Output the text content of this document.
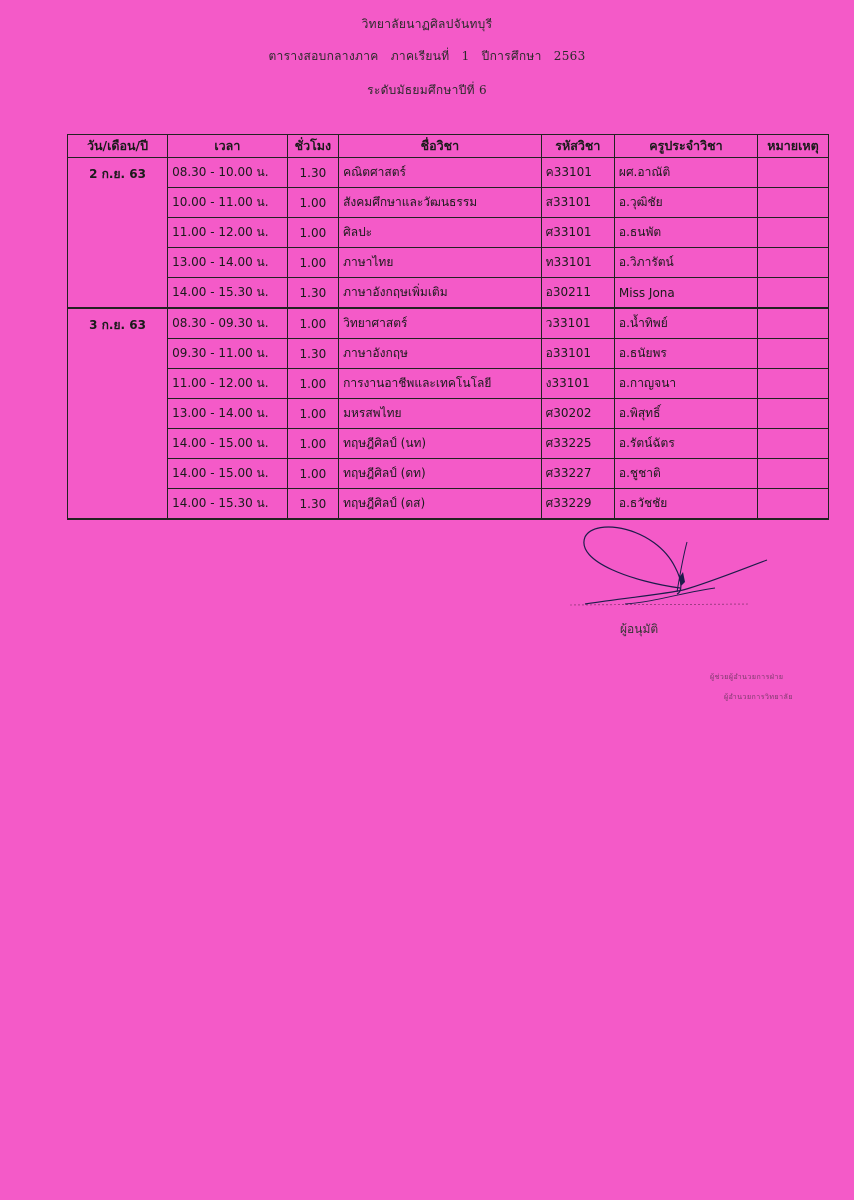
วิทยาลัยนาฏศิลปจันทบุรี
ตารางสอบกลางภาค ภาคเรียนที่ 1 ปีการศึกษา 2563
ระดับมัธยมศึกษาปีที่ 6
วัน/เดือน/ปี	เวลา	ชั่วโมง	ชื่อวิชา	รหัสวิชา	ครูประจำวิชา	หมายเหตุ
2 ก.ย. 63	08.30 - 10.00 น.	1.30	คณิตศาสตร์	ค33101	ผศ.อาณัติ	
	10.00 - 11.00 น.	1.00	สังคมศึกษาและวัฒนธรรม	ส33101	อ.วุฒิชัย	
	11.00 - 12.00 น.	1.00	ศิลปะ	ศ33101	อ.ธนพัต	
	13.00 - 14.00 น.	1.00	ภาษาไทย	ท33101	อ.วิภารัตน์	
	14.00 - 15.30 น.	1.30	ภาษาอังกฤษเพิ่มเติม	อ30211	Miss Jona	
3 ก.ย. 63	08.30 - 09.30 น.	1.00	วิทยาศาสตร์	ว33101	อ.น้ำทิพย์	
	09.30 - 11.00 น.	1.30	ภาษาอังกฤษ	อ33101	อ.ธนัยพร	
	11.00 - 12.00 น.	1.00	การงานอาชีพและเทคโนโลยี	ง33101	อ.กาญจนา	
	13.00 - 14.00 น.	1.00	มหรสพไทย	ศ30202	อ.พิสุทธิ์	
	14.00 - 15.00 น.	1.00	ทฤษฎีศิลป์ (นท)	ศ33225	อ.รัตน์ฉัตร	
	14.00 - 15.00 น.	1.00	ทฤษฎีศิลป์ (ดท)	ศ33227	อ.ชูชาติ	
	14.00 - 15.30 น.	1.30	ทฤษฎีศิลป์ (ดส)	ศ33229	อ.ธวัชชัย	
ผู้อนุมัติ
ผู้ช่วยผู้อำนวยการฝ่าย
ผู้อำนวยการวิทยาลัย
